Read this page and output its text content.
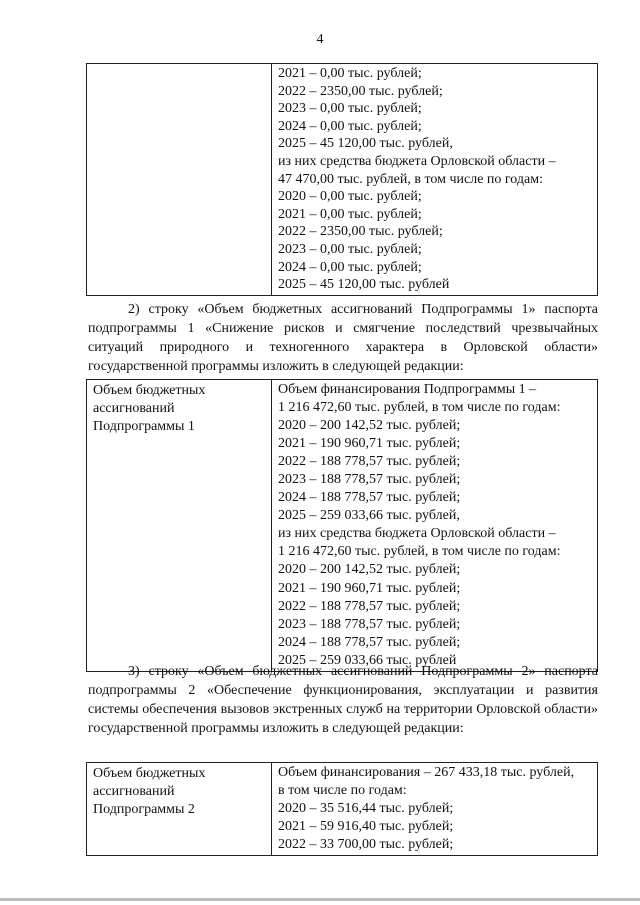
4

2021 – 0,00 тыс. рублей;
2022 – 2350,00 тыс. рублей;
2023 – 0,00 тыс. рублей;
2024 – 0,00 тыс. рублей;
2025 – 45 120,00 тыс. рублей,
из них средства бюджета Орловской области –
47 470,00 тыс. рублей, в том числе по годам:
2020 – 0,00 тыс. рублей;
2021 – 0,00 тыс. рублей;
2022 – 2350,00 тыс. рублей;
2023 – 0,00 тыс. рублей;
2024 – 0,00 тыс. рублей;
2025 – 45 120,00 тыс. рублей

2) строку «Объем бюджетных ассигнований Подпрограммы 1» паспорта подпрограммы 1 «Снижение рисков и смягчение последствий чрезвычайных ситуаций природного и техногенного характера в Орловской области» государственной программы изложить в следующей редакции:

Объем бюджетных
ассигнований
Подпрограммы 1

Объем финансирования Подпрограммы 1 –
1 216 472,60 тыс. рублей, в том числе по годам:
2020 – 200 142,52 тыс. рублей;
2021 – 190 960,71 тыс. рублей;
2022 – 188 778,57 тыс. рублей;
2023 – 188 778,57 тыс. рублей;
2024 – 188 778,57 тыс. рублей;
2025 – 259 033,66 тыс. рублей,
из них средства бюджета Орловской области –
1 216 472,60 тыс. рублей, в том числе по годам:
2020 – 200 142,52 тыс. рублей;
2021 – 190 960,71 тыс. рублей;
2022 – 188 778,57 тыс. рублей;
2023 – 188 778,57 тыс. рублей;
2024 – 188 778,57 тыс. рублей;
2025 – 259 033,66 тыс. рублей

3) строку «Объем бюджетных ассигнований Подпрограммы 2» паспорта подпрограммы 2 «Обеспечение функционирования, эксплуатации и развития системы обеспечения вызовов экстренных служб на территории Орловской области» государственной программы изложить в следующей редакции:

Объем бюджетных
ассигнований
Подпрограммы 2

Объем финансирования – 267 433,18 тыс. рублей,
в том числе по годам:
2020 – 35 516,44 тыс. рублей;
2021 – 59 916,40 тыс. рублей;
2022 – 33 700,00 тыс. рублей;
